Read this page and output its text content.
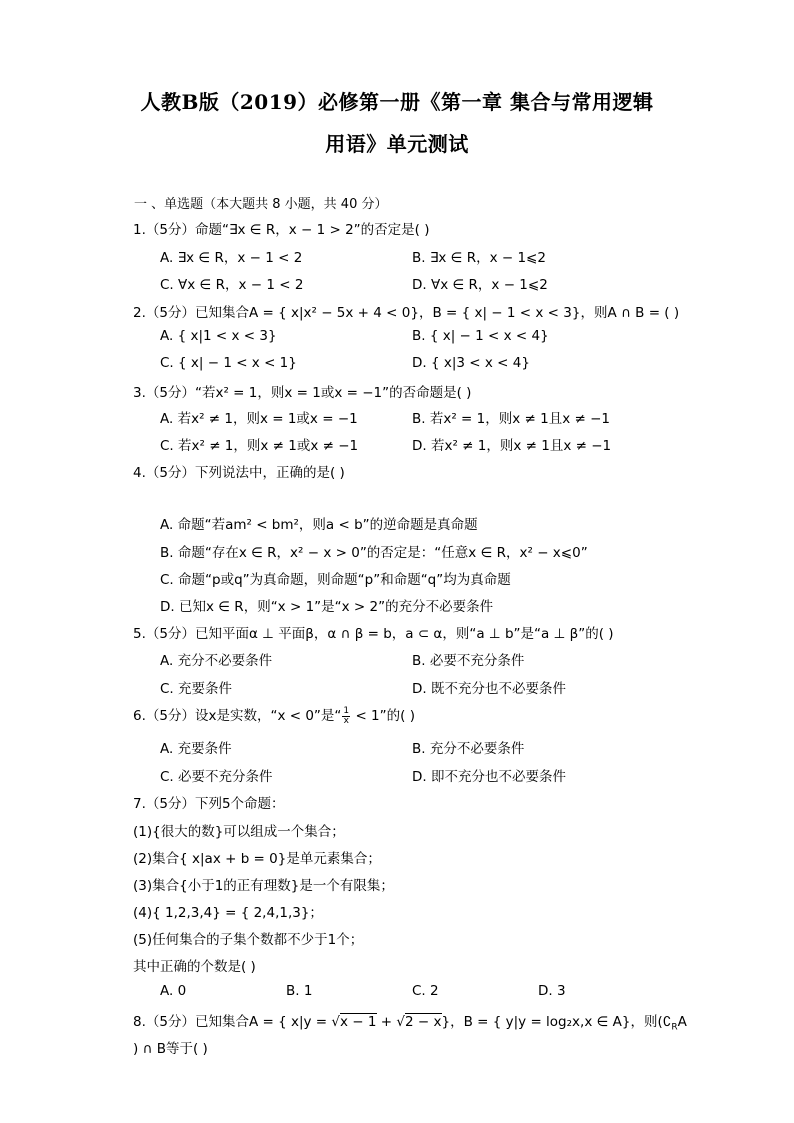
人教B版（2019）必修第一册《第一章 集合与常用逻辑
用语》单元测试
一 、单选题（本大题共 8 小题，共 40 分）
1.（5分）命题“∃x ∈ R，x − 1 > 2”的否定是( )
A. ∃x ∈ R，x − 1 < 2	B. ∃x ∈ R，x − 1⩽2
C. ∀x ∈ R，x − 1 < 2	D. ∀x ∈ R，x − 1⩽2
2.（5分）已知集合A = { x|x² − 5x + 4 < 0}，B = { x| − 1 < x < 3}，则A ∩ B = ( )
A. { x|1 < x < 3}	B. { x| − 1 < x < 4}
C. { x| − 1 < x < 1}	D. { x|3 < x < 4}
3.（5分）“若x² = 1，则x = 1或x = −1”的否命题是( )
A. 若x² ≠ 1，则x = 1或x = −1	B. 若x² = 1，则x ≠ 1且x ≠ −1
C. 若x² ≠ 1，则x ≠ 1或x ≠ −1	D. 若x² ≠ 1，则x ≠ 1且x ≠ −1
4.（5分）下列说法中，正确的是( )
A. 命题“若am² < bm²，则a < b”的逆命题是真命题
B. 命题“存在x ∈ R，x² − x > 0”的否定是：“任意x ∈ R，x² − x⩽0”
C. 命题“p或q”为真命题，则命题“p”和命题“q”均为真命题
D. 已知x ∈ R，则“x > 1”是“x > 2”的充分不必要条件
5.（5分）已知平面α ⊥ 平面β，α ∩ β = b，a ⊂ α，则“a ⊥ b”是“a ⊥ β”的( )
A. 充分不必要条件	B. 必要不充分条件
C. 充要条件	D. 既不充分也不必要条件
6.（5分）设x是实数，“x < 0”是“ $\frac{1}{x} < 1$”的( )
A. 充要条件	B. 充分不必要条件
C. 必要不充分条件	D. 即不充分也不必要条件
7.（5分）下列5个命题：
(1){很大的数}可以组成一个集合；
(2)集合{ x|ax + b = 0}是单元素集合；
(3)集合{小于1的正有理数}是一个有限集；
(4){ 1,2,3,4} = { 2,4,1,3}；
(5)任何集合的子集个数都不少于1个；
其中正确的个数是( )
A. 0	B. 1	C. 2	D. 3
8.（5分）已知集合A = { x|y = √x − 1 + √2 − x}，B = { y|y = log₂x,x ∈ A}，则($∁_RA$
) ∩ B等于( )
